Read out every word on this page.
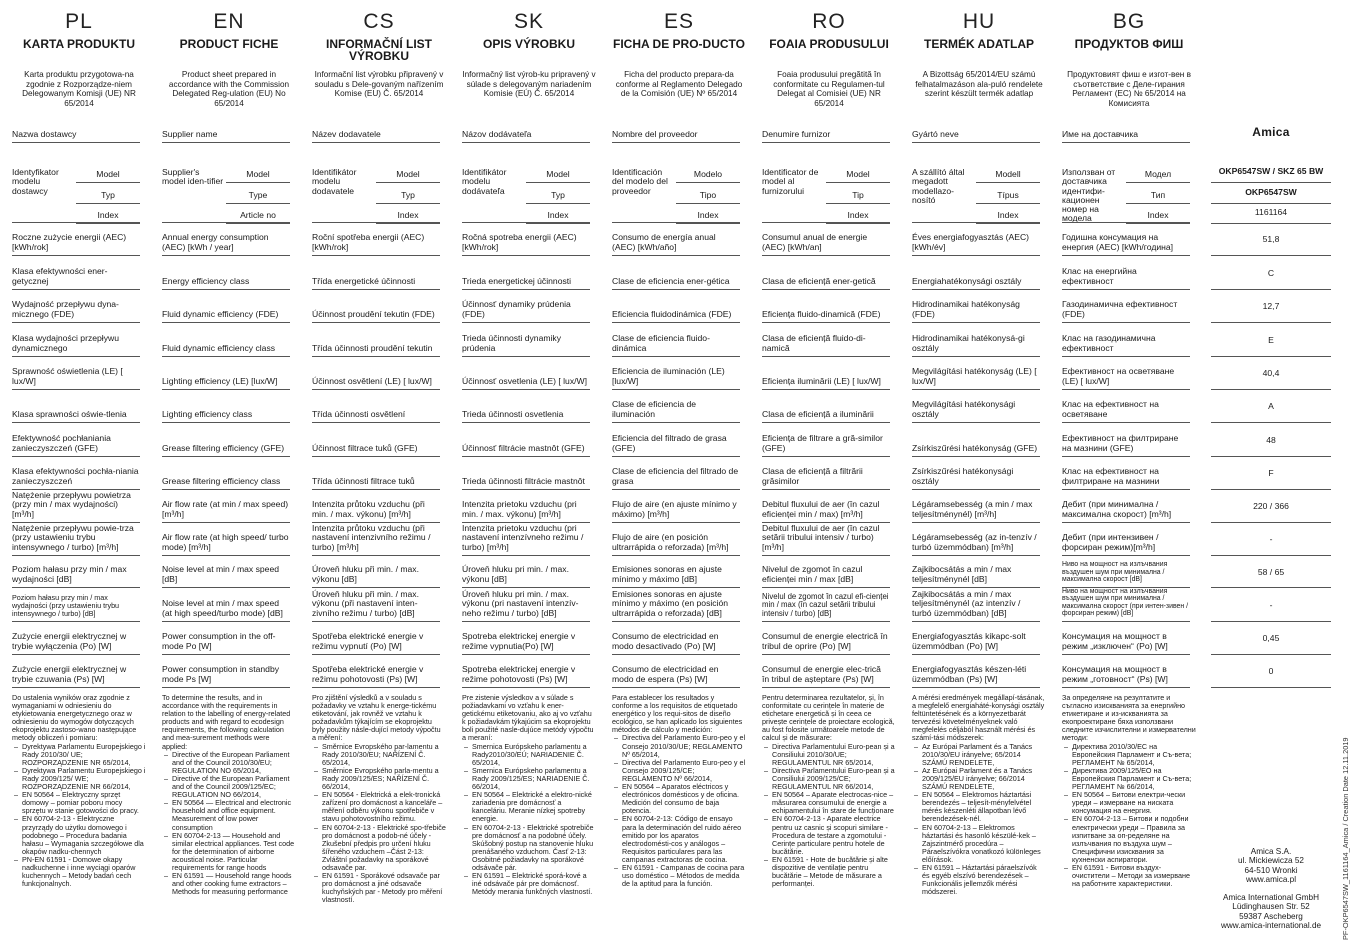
PL
KARTA PRODUKTU
Karta produktu przygotowa-na zgodnie z Rozporządze-niem Delegowanym Komisji (UE) NR 65/2014
Nazwa dostawcy
Identyfikator modelu dostawcy
Model
Typ
Index
Roczne zużycie energii (AEC) [kWh/rok]
Klasa efektywności ener-getycznej
Wydajność przepływu dyna-micznego (FDE)
Klasa wydajności przepływu dynamicznego
Sprawność oświetlenia (LE) [ lux/W]
Klasa sprawności oświe-tlenia
Efektywność pochłaniania zanieczyszczeń (GFE)
Klasa efektywności pochła-niania zanieczyszczeń
Natężenie przepływu powietrza (przy min / max wydajności) [m³/h]
Natężenie przepływu powie-trza (przy ustawieniu trybu intensywnego / turbo) [m³/h]
Poziom hałasu przy min / max wydajności [dB]
Poziom hałasu przy min / max wydajności (przy ustawieniu trybu intensywnego / turbo) [dB]
Zużycie energii elektrycznej w trybie wyłączenia (Po) [W]
Zużycie energii elektrycznej w trybie czuwania (Ps) [W]

Do ustalenia wyników oraz zgodnie z wymaganiami w odniesieniu do etykietowania energetycznego oraz w odniesieniu do wymogów dotyczących ekoprojektu zastoso-wano następujące metody obliczeń i pomiaru:

– Dyrektywa Parlamentu Europejskiego i Rady 2010/30/ UE; ROZPORZĄDZENIE NR 65/2014,
– Dyrektywa Parlamentu Europejskiego i Rady 2009/125/ WE; ROZPORZĄDZENIE NR 66/2014,
– EN 50564 – Elektryczny sprzęt domowy – pomiar poboru mocy sprzętu w stanie gotowości do pracy.
– EN 60704-2-13 - Elektryczne przyrządy do użytku domowego i podobnego – Procedura badania hałasu – Wymagania szczegółowe dla okapów nadku-chennych
– PN-EN 61591 - Domowe okapy nadkuchenne i inne wyciągi oparów kuchennych – Metody badań cech funkcjonalnych.
EN
PRODUCT FICHE
Product sheet prepared in accordance with the Commission Delegated Reg-ulation (EU) No 65/2014
Supplier name
Supplier's model iden-tifier
Model
Type
Article no
Annual energy consumption (AEC) [kWh / year]
Energy efficiency class
Fluid dynamic efficiency (FDE)
Fluid dynamic efficiency class
Lighting efficiency (LE) [lux/W]
Lighting efficiency class
Grease filtering efficiency (GFE)
Grease filtering efficiency class
Air flow rate (at min / max speed) [m³/h]
Air flow rate (at high speed/ turbo mode) [m³/h]
Noise level at min / max speed [dB]
Noise level at min / max speed (at high speed/turbo mode) [dB]
Power consumption in the off-mode Po [W]
Power consumption in standby mode Ps [W]

To determine the results, and in accordance with the requirements in relation to the labelling of energy-related products and with regard to ecodesign requirements, the following calculation and mea-surement methods were applied:

– Directive of the European Parliament and of the Council 2010/30/EU; REGULATION NO 65/2014,
– Directive of the European Parliament and of the Council 2009/125/EC; REGULATION NO 66/2014,
– EN 50564 — Electrical and electronic household and office equipment. Measurement of low power consumption
– EN 60704-2-13 — Household and similar electrical appliances. Test code for the determination of airborne acoustical noise. Particular requirements for range hoods
– EN 61591 — Household range hoods and other cooking fume extractors – Methods for measuring performance
CS
INFORMAČNÍ LIST VÝROBKU
Informační list výrobku připravený v souladu s Dele-govaným nařízením Komise (EU) Č. 65/2014
Název dodavatele
Identifikátor modelu dodavatele
Model
Typ
Index
Roční spotřeba energii (AEC) [kWh/rok]
Třída energetické účinnosti
Účinnost proudění tekutin (FDE)
Třída účinnosti proudění tekutin
Účinnost osvětlení (LE) [ lux/W]
Třída účinnosti osvětlení
Účinnost filtrace tuků (GFE)
Třída účinnosti filtrace tuků
Intenzita průtoku vzduchu (při min. / max. výkonu) [m³/h]
Intenzita průtoku vzduchu (při nastavení intenzivního režimu / turbo) [m³/h]
Úroveň hluku při min. / max. výkonu [dB]
Úroveň hluku při min. / max. výkonu (při nastavení inten-zivního režimu / turbo) [dB]
Spotřeba elektrické energie v režimu vypnutí (Po) [W]
Spotřeba elektrické energie v režimu pohotovosti (Ps) [W]

Pro zjištění výsledků a v souladu s požadavky ve vztahu k energe-tickému etiketování, jak rovněž ve vztahu k požadavkům týkajícím se ekoprojektu byly použity násle-dující metody výpočtu a měření:

– Směrnice Evropského par-lamentu a Rady 2010/30/EU; NAŘÍZENÍ Č. 65/2014,
– Směrnice Evropského parla-mentu a Rady 2009/125/ES; NAŘÍZENÍ Č. 66/2014,
– EN 50564 - Elektrická a elek-tronická zařízení pro domácnost a kanceláře – měření odběru výkonu spotřebiče v stavu pohotovostního režimu.
– EN 60704-2-13 - Elektrické spo-třebiče pro domácnost a podob-né účely - Zkušební předpis pro určení hluku šířeného vzduchem –Část 2-13: Zvláštní požadavky na sporákové odsavače par.
– EN 61591 - Sporákové odsavače par pro domácnost a jiné odsavače kuchyňských par - Metody pro měření vlastností.
SK
OPIS VÝROBKU
Informačný list výrob-ku pripravený v súlade s delegovaným nariadením Komisie (EÚ) Č. 65/2014
Názov dodávateľa
Identifikátor modelu dodávateľa
Model
Typ
Index
Ročná spotreba energii (AEC) [kWh/rok]
Trieda energetickej účinnosti
Účinnosť dynamiky prúdenia (FDE)
Trieda účinnosti dynamiky prúdenia
Účinnosť osvetlenia (LE) [ lux/W]
Trieda účinnosti osvetlenia
Účinnosť filtrácie mastnôt (GFE)
Trieda účinnosti filtrácie mastnôt
Intenzita prietoku vzduchu (pri min. / max. výkonu) [m³/h]
Intenzita prietoku vzduchu (pri nastavení intenzívneho režimu / turbo) [m³/h]
Úroveň hluku pri min. / max. výkonu [dB]
Úroveň hluku pri min. / max. výkonu (pri nastavení intenzív-neho režimu / turbo) [dB]
Spotreba elektrickej energie v režime vypnutia(Po) [W]
Spotreba elektrickej energie v režime pohotovosti (Ps) [W]

Pre zistenie výsledkov a v súlade s požiadavkami vo vzťahu k ener-getickému etiketovaniu, ako aj vo vzťahu k požiadavkám týkajúcim sa ekoprojektu boli použité nasle-dujúce metódy výpočtu a meraní:

– Smernica Európskeho parlamentu a Rady2010/30/EÚ; NARIADENIE Č. 65/2014,
– Smernica Európskeho parlamentu a Rady 2009/125/ES; NARIADENIE Č. 66/2014,
– EN 50564 – Elektrické a elektro-nické zariadenia pre domácnosť a kanceláriu. Meranie nízkej spotreby energie.
– EN 60704-2-13 - Elektrické spotrebiče pre domácnosť a na podobné účely. Skúšobný postup na stanovenie hluku prenášaného vzduchom. Časť 2-13: Osobitné požiadavky na sporákové odsávače pár.
– EN 61591 – Elektrické sporá-kové a iné odsávače pár pre domácnosť. Metódy merania funkčných vlastností.
ES
FICHA DE PRO-DUCTO
Ficha del producto prepara-da conforme al Reglamento Delegado de la Comisión (UE) Nº 65/2014
Nombre del proveedor
Identificación del modelo del proveedor
Modelo
Tipo
Index
Consumo de energía anual (AEC) [kWh/año]
Clase de eficiencia ener-gética
Eficiencia fluidodinámica (FDE)
Clase de eficiencia fluido-dinámica
Eficiencia de iluminación (LE) [lux/W]
Clase de eficiencia de iluminación
Eficiencia del filtrado de grasa (GFE)
Clase de eficiencia del filtrado de grasa
Flujo de aire (en ajuste mínimo y máximo) [m³/h]
Flujo de aire (en posición ultrarrápida o reforzada) [m³/h]
Emisiones sonoras en ajuste mínimo y máximo [dB]
Emisiones sonoras en ajuste mínimo y máximo (en posición ultrarrápida o reforzada) [dB]
Consumo de electricidad en modo desactivado (Po) [W]
Consumo de electricidad en modo de espera (Ps) [W]

Para establecer los resultados y conforme a los requisitos de etiquetado energético y los requi-sitos de diseño ecológico, se han aplicado los siguientes métodos de cálculo y medición:

– Directiva del Parlamento Euro-peo y el Consejo 2010/30/UE; REGLAMENTO Nº 65/2014,
– Directiva del Parlamento Euro-peo y el Consejo 2009/125/CE; REGLAMENTO Nº 66/2014,
– EN 50564 – Aparatos eléctricos y electrónicos domésticos y de oficina. Medición del consumo de baja potencia.
– EN 60704-2-13: Código de ensayo para la determinación del ruido aéreo emitido por los aparatos electrodomésti-cos y análogos – Requisitos particulares para las campanas extractoras de cocina.
– EN 61591 - Campanas de cocina para uso doméstico – Métodos de medida de la aptitud para la función.
RO
FOAIA PRODUSULUI
Foaia produsului pregătită în conformitate cu Regulamen-tul Delegat al Comisiei (UE) NR 65/2014
Denumire furnizor
Identificator de model al furnizorului
Model
Tip
Index
Consumul anual de energie (AEC) [kWh/an]
Clasa de eficiență ener-getică
Eficiența fluido-dinamică (FDE)
Clasa de eficiență fluido-di-namică
Eficiența iluminării (LE) [ lux/W]
Clasa de eficiență a iluminării
Eficiența de filtrare a gră-similor (GFE)
Clasa de eficiență a filtrării grăsimilor
Debitul fluxului de aer (în cazul eficienței min / max) [m³/h]
Debitul fluxului de aer (în cazul setării tribului intensiv / turbo) [m³/h]
Nivelul de zgomot în cazul eficienței min / max [dB]
Nivelul de zgomot în cazul efi-cienței min / max (în cazul setării tribului intensiv / turbo) [dB]
Consumul de energie electrică în tribul de oprire (Po) [W]
Consumul de energie elec-trică în tribul de așteptare (Ps) [W]

Pentru determinarea rezultatelor, și, în conformitate cu cerințele în materie de etichetare energetică și în ceea ce privește cerințele de proiectare ecologică, au fost folosite următoarele metode de calcul și de măsurare:

– Directiva Parlamentului Euro-pean și a Consiliului 2010/30/UE; REGULAMENTUL NR 65/2014,
– Directiva Parlamentului Euro-pean și a Consiliului 2009/125/CE; REGULAMENTUL NR 66/2014,
– EN 50564 – Aparate electrocas-nice – măsurarea consumului de energie a echipamentului în stare de funcționare
– EN 60704-2-13 - Aparate electrice pentru uz casnic și scopuri similare - Procedura de testare a zgomotului - Cerințe particulare pentru hotele de bucătărie.
– EN 61591 - Hote de bucătărie și alte dispozitive de ventilație pentru bucătărie – Metode de măsurare a performanței.
HU
TERMÉK ADATLAP
A Bizottság 65/2014/EU számú felhatalmazáson ala-puló rendelete szerint készült termék adatlap
Gyártó neve
A szállító által megadott modellazo-nosító
Modell
Típus
Index
Éves energiafogyasztás (AEC) [kWh/év]
Energiahatékonysági osztály
Hidrodinamikai hatékonyság (FDE)
Hidrodinamikai hatékonysá-gi osztály
Megvilágítási hatékonyság (LE) [ lux/W]
Megvilágítási hatékonysági osztály
Zsírkiszűrési hatékonyság (GFE)
Zsírkiszűrési hatékonysági osztály
Légáramsebesség (a min / max teljesítménynél) [m³/h]
Légáramsebesség (az in-tenzív / turbó üzemmódban) [m³/h]
Zajkibocsátás a min / max teljesítménynél [dB]
Zajkibocsátás a min / max teljesítménynél (az intenzív / turbó üzemmódban) [dB]
Energiafogyasztás kikapc-solt üzemmódban (Po) [W]
Energiafogyasztás készen-léti üzemmódban (Ps) [W]

A mérési eredmények megállapí-tásának, a megfelelő energiaháté-konysági osztály feltüntetésének és a környezetbarát tervezési követelményeknek való megfelelés céljából használt mérési és számí-tási módszerek:

– Az Európai Parlament és a Tanács 2010/30/EU irányelve; 65/2014 SZÁMÚ RENDELETE,
– Az Európai Parlament és a Tanács 2009/125/EU irányelve; 66/2014 SZÁMÚ RENDELETE,
– EN 50564 – Elektromos háztartási berendezés – teljesít-ményfelvétel mérés készenléti állapotban lévő berendezések-nél.
– EN 60704-2-13 – Elektromos háztartási és hasonló készülé-kek – Zajszintmérő procedúra – Páraelszívókra vonatkozó különleges előírások.
– EN 61591 – Háztartási páraelszívók és egyéb elszívó berendezések – Funkcionális jellemzők mérési módszerei.
BG
ПРОДУКТОВ ФИШ
Продуктовият фиш е изгот-вен в съответствие с Деле-гирания Регламент (ЕС) № 65/2014 на Комисията
Име на доставчика
Използван от доставчика идентифи-кационен номер на модела
Модел
Тип
Index
Годишна консумация на енергия (AEC) [kWh/година]
Клас на енергийна ефективност
Газодинамична ефективност (FDE)
Клас на газодинамична ефективност
Ефективност на осветяване (LE) [ lux/W]
Клас на ефективност на осветяване
Ефективност на филтриране на мазнини (GFE)
Клас на ефективност на филтриране на мазнини
Дебит (при минимална / максимална скорост) [m³/h]
Дебит (при интензивен / форсиран режим)[m³/h]
Ниво на мощност на излъчвания въздушен шум при минимална / максимална скорост [dB]
Ниво на мощност на излъчвания въздушен шум при минимална / максимална скорост (при интен-зивен / форсиран режим) [dB]
Консумация на мощност в режим „изключен“ (Po) [W]
Консумация на мощност в режим „готовност“ (Ps) [W]

За определяне на резултатите и съгласно изискванията за енергийно етикетиране и из-искванията за екопроектиране бяха използвани следните изчислителни и измервателни методи:

– Директива 2010/30/ЕС на Европейския Парламент и Съ-вета; РЕГЛАМЕНТ № 65/2014,
– Директива 2009/125/ЕО на Европейския Парламент и Съ-вета; РЕГЛАМЕНТ № 66/2014,
– EN 50564 – Битови електри-чески уреди – измерване на ниската консумация на енергия.
– EN 60704-2-13 – Битови и подобни електрически уреди – Правила за изпитване за оп-ределяне на излъчвания по въздуха шум – Специфични изисквания за кухненски аспиратори.
– EN 61591 - Битови въздух-очистители – Методи за измерване на работните характеристики.
Amica
OKP6547SW / SKZ 65 BW
OKP6547SW
1161164
51,8
C
12,7
E
40,4
A
48
F
220 / 366
-
58 / 65
-
0,45
0

Amica S.A.

ul. Mickiewicza 52

64-510 Wronki

www.amica.pl

Amica International GmbH

Lüdinghausen Str. 52

59387 Ascheberg

www.amica-international.de	PF-OKP6547SW_1161164_Amica / Creation Date 12.11.2019
